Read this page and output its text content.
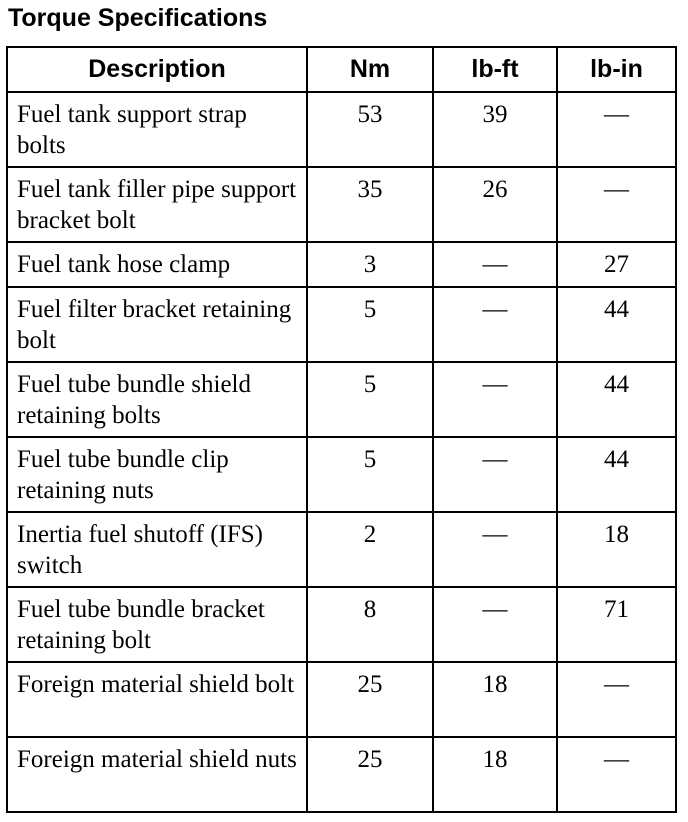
Torque Specifications
Description	Nm	lb-ft	lb-in
Fuel tank support strap bolts	53	39	—
Fuel tank filler pipe support bracket bolt	35	26	—
Fuel tank hose clamp	3	—	27
Fuel filter bracket retaining bolt	5	—	44
Fuel tube bundle shield retaining bolts	5	—	44
Fuel tube bundle clip retaining nuts	5	—	44
Inertia fuel shutoff (IFS) switch	2	—	18
Fuel tube bundle bracket retaining bolt	8	—	71
Foreign material shield bolt	25	18	—
Foreign material shield nuts	25	18	—
